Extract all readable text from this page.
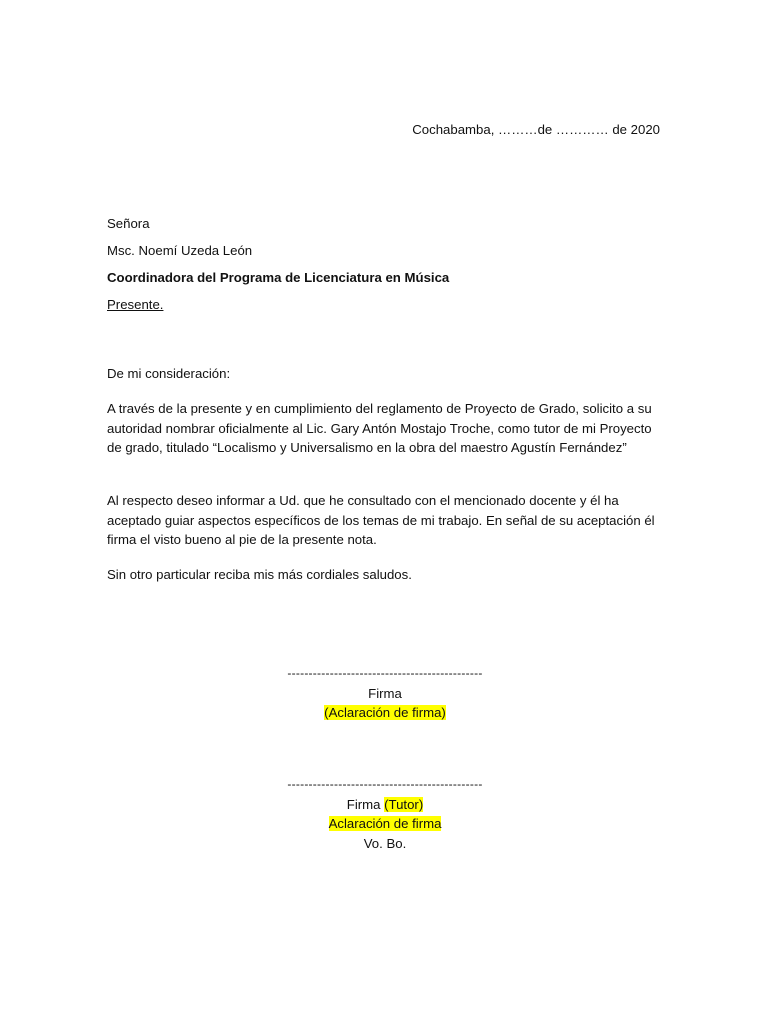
Cochabamba, ………de ………… de 2020

Señora

Msc. Noemí Uzeda León

Coordinadora del Programa de Licenciatura en Música

Presente.

De mi consideración:

A través de la presente y en cumplimiento del reglamento de Proyecto de Grado, solicito a su autoridad nombrar oficialmente al Lic. Gary Antón Mostajo Troche, como tutor de mi Proyecto de grado, titulado “Localismo y Universalismo en la obra del maestro Agustín Fernández”

Al respecto deseo informar a Ud. que he consultado con el mencionado docente y él ha aceptado guiar aspectos específicos de los temas de mi trabajo. En señal de su aceptación él firma el visto bueno al pie de la presente nota.

Sin otro particular reciba mis más cordiales saludos.

----------------------------------------------
Firma
(Aclaración de firma)
----------------------------------------------
Firma (Tutor)
Aclaración de firma
Vo. Bo.
